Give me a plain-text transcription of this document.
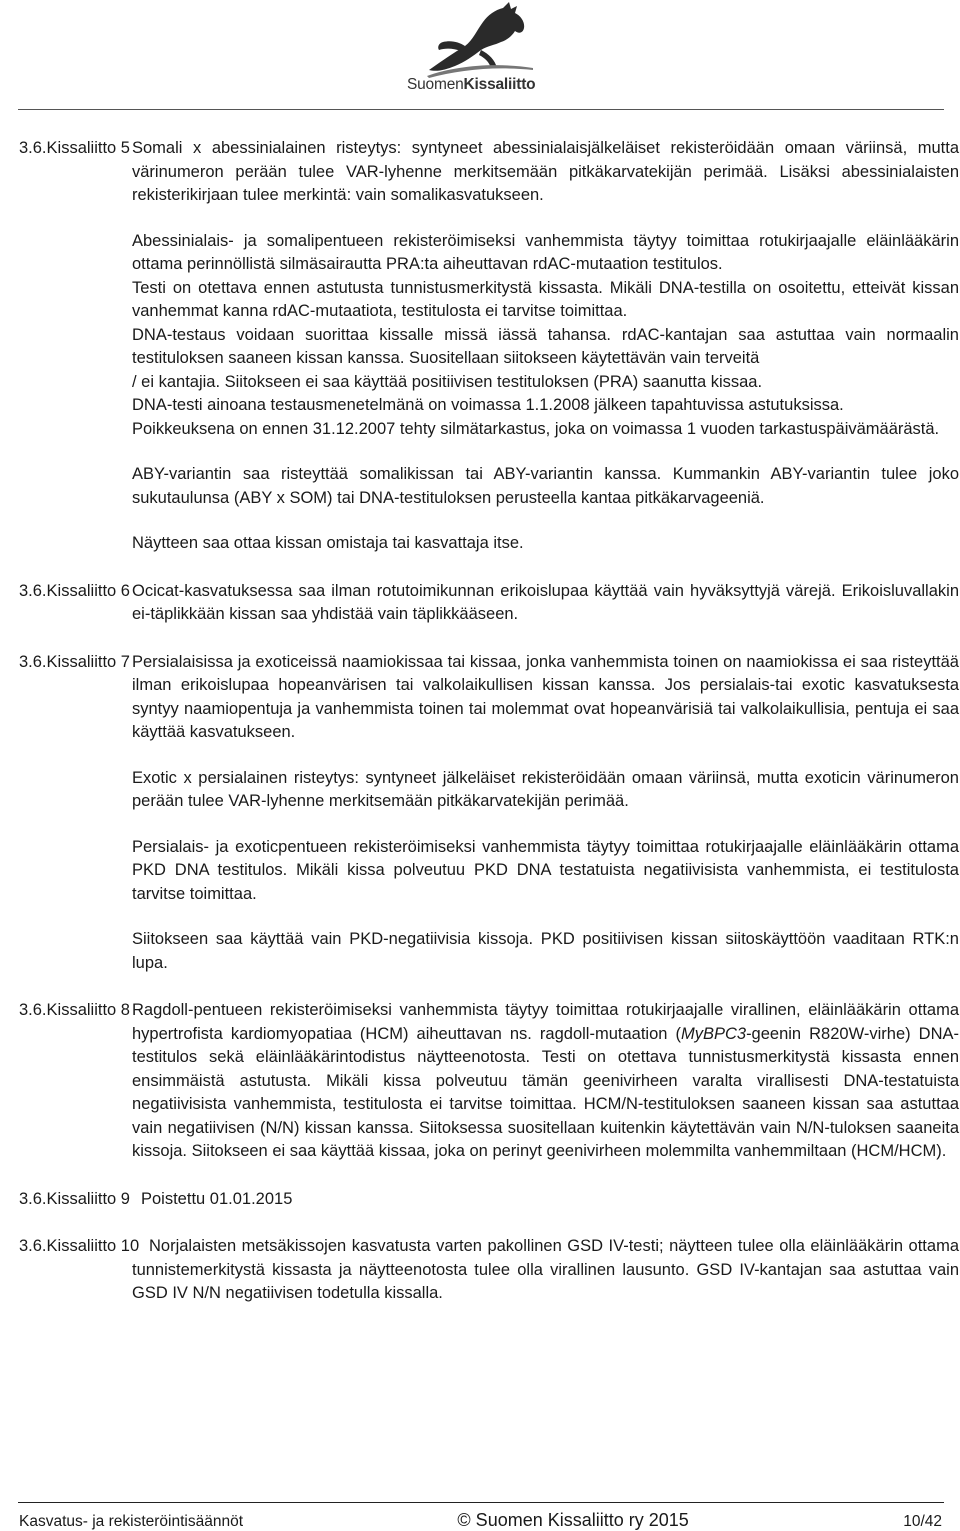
SuomenKissaliitto
3.6.Kissaliitto 5 Somali x abessinialainen risteytys: syntyneet abessinialaisjälkeläiset rekisteröidään omaan väriinsä, mutta värinumeron perään tulee VAR-lyhenne merkitsemään pitkäkarvatekijän perimää. Lisäksi abessinialaisten rekisterikirjaan tulee merkintä: vain somalikasvatukseen.

Abessinialais- ja somalipentueen rekisteröimiseksi vanhemmista täytyy toimittaa rotukirjaajalle eläinlääkärin ottama perinnöllistä silmäsairautta PRA:ta aiheuttavan rdAC-mutaation testitulos.

Testi on otettava ennen astutusta tunnistusmerkitystä kissasta. Mikäli DNA-testilla on osoitettu, etteivät kissan vanhemmat kanna rdAC-mutaatiota, testitulosta ei tarvitse toimittaa.

DNA-testaus voidaan suorittaa kissalle missä iässä tahansa. rdAC-kantajan saa astuttaa vain normaalin testituloksen saaneen kissan kanssa. Suositellaan siitokseen käytettävän vain terveitä

/ ei kantajia. Siitokseen ei saa käyttää positiivisen testituloksen (PRA) saanutta kissaa.

DNA-testi ainoana testausmenetelmänä on voimassa 1.1.2008 jälkeen tapahtuvissa astutuksissa.

Poikkeuksena on ennen 31.12.2007 tehty silmätarkastus, joka on voimassa 1 vuoden tarkastuspäivämäärästä.

ABY-variantin saa risteyttää somalikissan tai ABY-variantin kanssa. Kummankin ABY-variantin tulee joko sukutaulunsa (ABY x SOM) tai DNA-testituloksen perusteella kantaa pitkäkarvageeniä.

Näytteen saa ottaa kissan omistaja tai kasvattaja itse.

3.6.Kissaliitto 6 Ocicat-kasvatuksessa saa ilman rotutoimikunnan erikoislupaa käyttää vain hyväksyttyjä värejä. Erikoisluvallakin ei-täplikkään kissan saa yhdistää vain täplikkääseen.

3.6.Kissaliitto 7 Persialaisissa ja exoticeissä naamiokissaa tai kissaa, jonka vanhemmista toinen on naamiokissa ei saa risteyttää ilman erikoislupaa hopeanvärisen tai valkolaikullisen kissan kanssa. Jos persialais-tai exotic kasvatuksesta syntyy naamiopentuja ja vanhemmista toinen tai molemmat ovat hopeanvärisiä tai valkolaikullisia, pentuja ei saa käyttää kasvatukseen.

Exotic x persialainen risteytys: syntyneet jälkeläiset rekisteröidään omaan väriinsä, mutta exoticin värinumeron perään tulee VAR-lyhenne merkitsemään pitkäkarvatekijän perimää.

Persialais- ja exoticpentueen rekisteröimiseksi vanhemmista täytyy toimittaa rotukirjaajalle eläinlääkärin ottama PKD DNA testitulos. Mikäli kissa polveutuu PKD DNA testatuista negatiivisista vanhemmista, ei testitulosta tarvitse toimittaa.

Siitokseen saa käyttää vain PKD-negatiivisia kissoja. PKD positiivisen kissan siitoskäyttöön vaaditaan RTK:n lupa.

3.6.Kissaliitto 8 Ragdoll-pentueen rekisteröimiseksi vanhemmista täytyy toimittaa rotukirjaajalle virallinen, eläinlääkärin ottama hypertrofista kardiomyopatiaa (HCM) aiheuttavan ns. ragdoll-mutaation (MyBPC3-geenin R820W-virhe) DNA-testitulos sekä eläinlääkärintodistus näytteenotosta. Testi on otettava tunnistusmerkitystä kissasta ennen ensimmäistä astutusta. Mikäli kissa polveutuu tämän geenivirheen varalta virallisesti DNA-testatuista negatiivisista vanhemmista, testitulosta ei tarvitse toimittaa. HCM/N-testituloksen saaneen kissan saa astuttaa vain negatiivisen (N/N) kissan kanssa. Siitoksessa suositellaan kuitenkin käytettävän vain N/N-tuloksen saaneita kissoja. Siitokseen ei saa käyttää kissaa, joka on perinyt geenivirheen molemmilta vanhemmiltaan (HCM/HCM).

3.6.Kissaliitto 9 Poistettu 01.01.2015

3.6.Kissaliitto 10 Norjalaisten metsäkissojen kasvatusta varten pakollinen GSD IV-testi; näytteen tulee olla eläinlääkärin ottama tunnistemerkitystä kissasta ja näytteenotosta tulee olla virallinen lausunto. GSD IV-kantajan saa astuttaa vain GSD IV N/N negatiivisen todetulla kissalla.

Kasvatus- ja rekisteröintisäännöt	© Suomen Kissaliitto ry 2015	10/42
